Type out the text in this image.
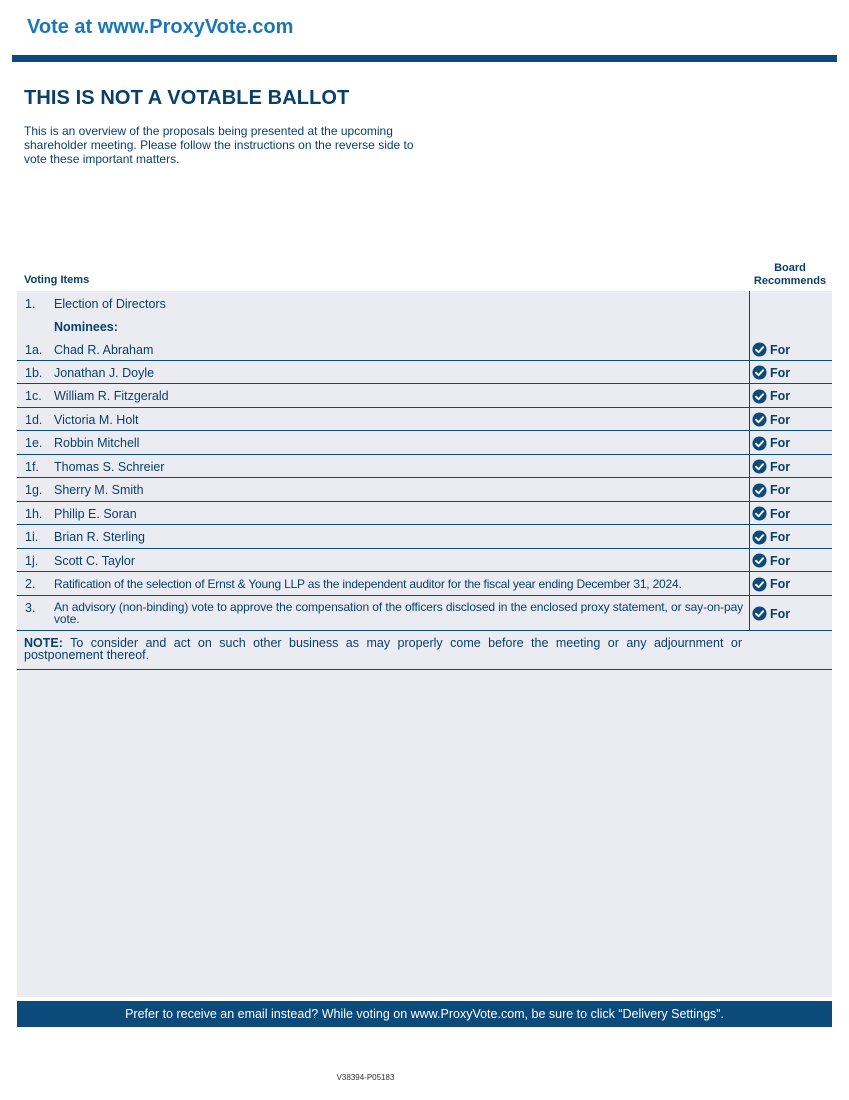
Vote at www.ProxyVote.com
THIS IS NOT A VOTABLE BALLOT

This is an overview of the proposals being presented at the upcoming shareholder meeting. Please follow the instructions on the reverse side to vote these important matters.

Voting Items
Board
Recommends
1. Election of Directors
Nominees:
1a. Chad R. Abraham	For
1b. Jonathan J. Doyle	For
1c. William R. Fitzgerald	For
1d. Victoria M. Holt	For
1e. Robbin Mitchell	For
1f. Thomas S. Schreier	For
1g. Sherry M. Smith	For
1h. Philip E. Soran	For
1i. Brian R. Sterling	For
1j. Scott C. Taylor	For
2. Ratification of the selection of Ernst & Young LLP as the independent auditor for the fiscal year ending December 31, 2024.	For
3. An advisory (non-binding) vote to approve the compensation of the officers disclosed in the enclosed proxy statement, or say-on-pay vote.	For

NOTE: To consider and act on such other business as may properly come before the meeting or any adjournment or postponement thereof.

Prefer to receive an email instead? While voting on www.ProxyVote.com, be sure to click “Delivery Settings”.
V38394-P05183
